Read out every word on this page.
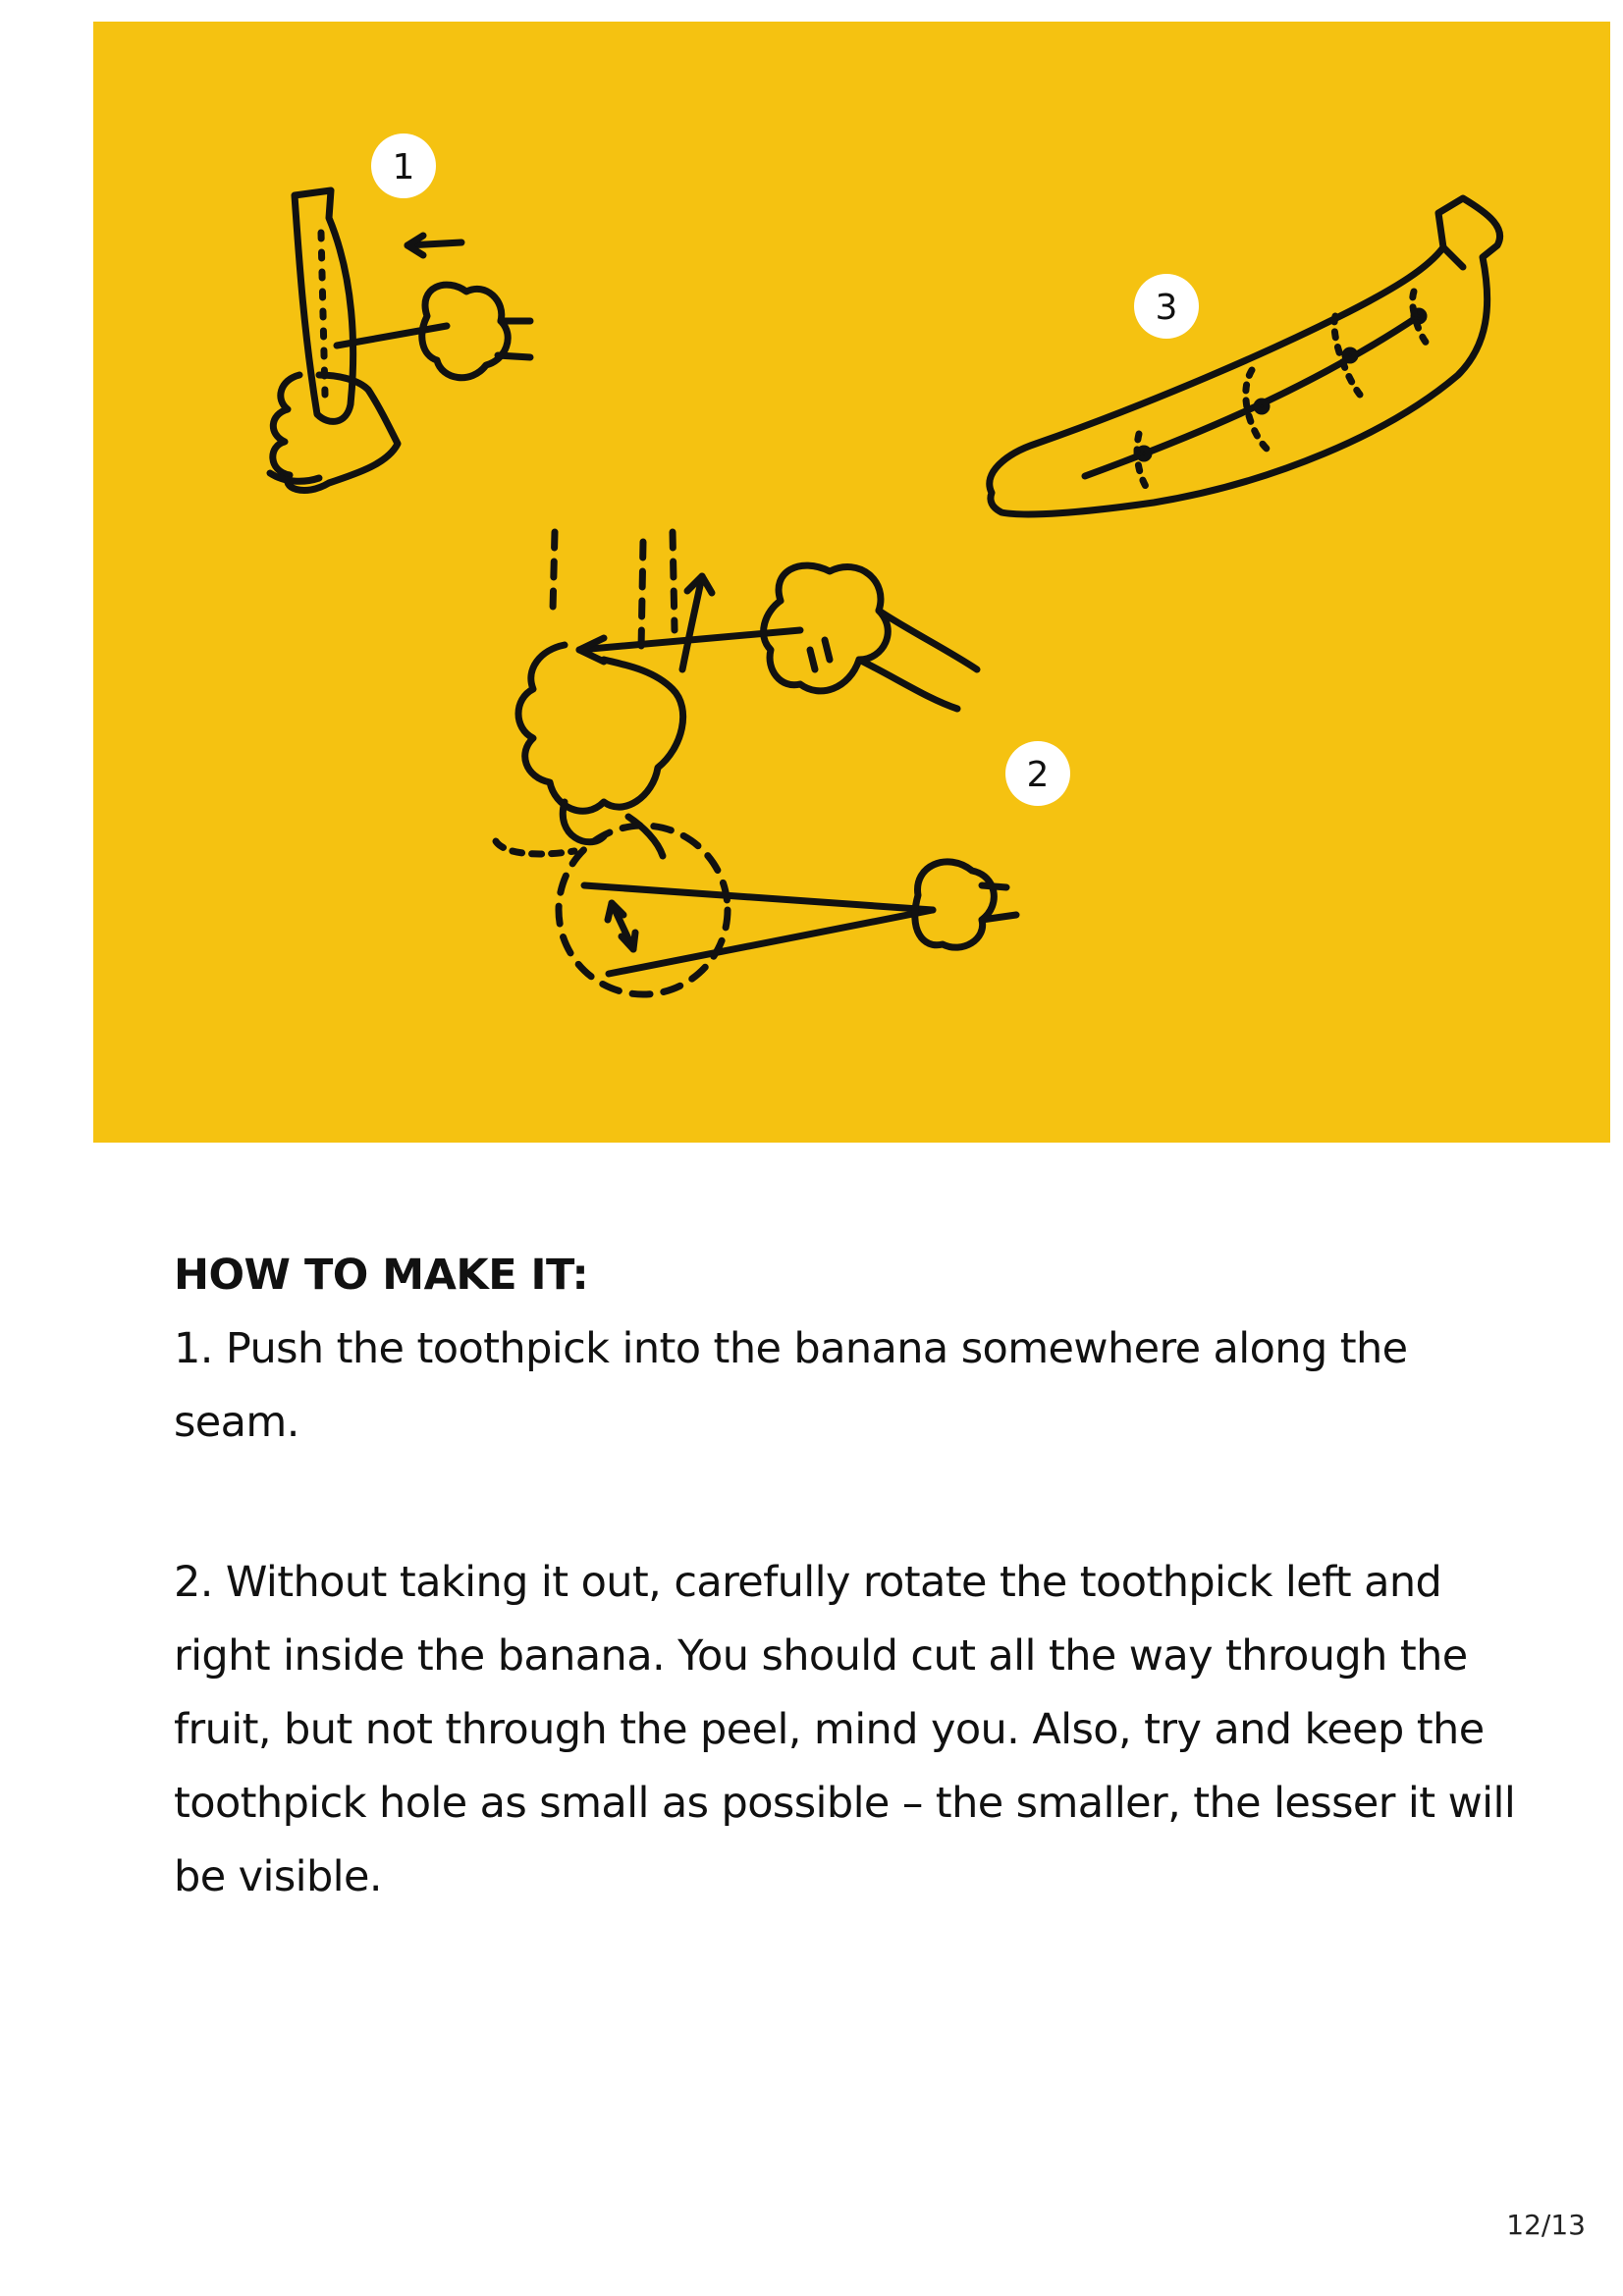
1
2
3

HOW TO MAKE IT:

1. Push the toothpick into the banana somewhere along the seam.

2. Without taking it out, carefully rotate the toothpick left and right inside the banana. You should cut all the way through the fruit, but not through the peel, mind you. Also, try and keep the toothpick hole as small as possible – the smaller, the lesser it will be visible.

12/13
